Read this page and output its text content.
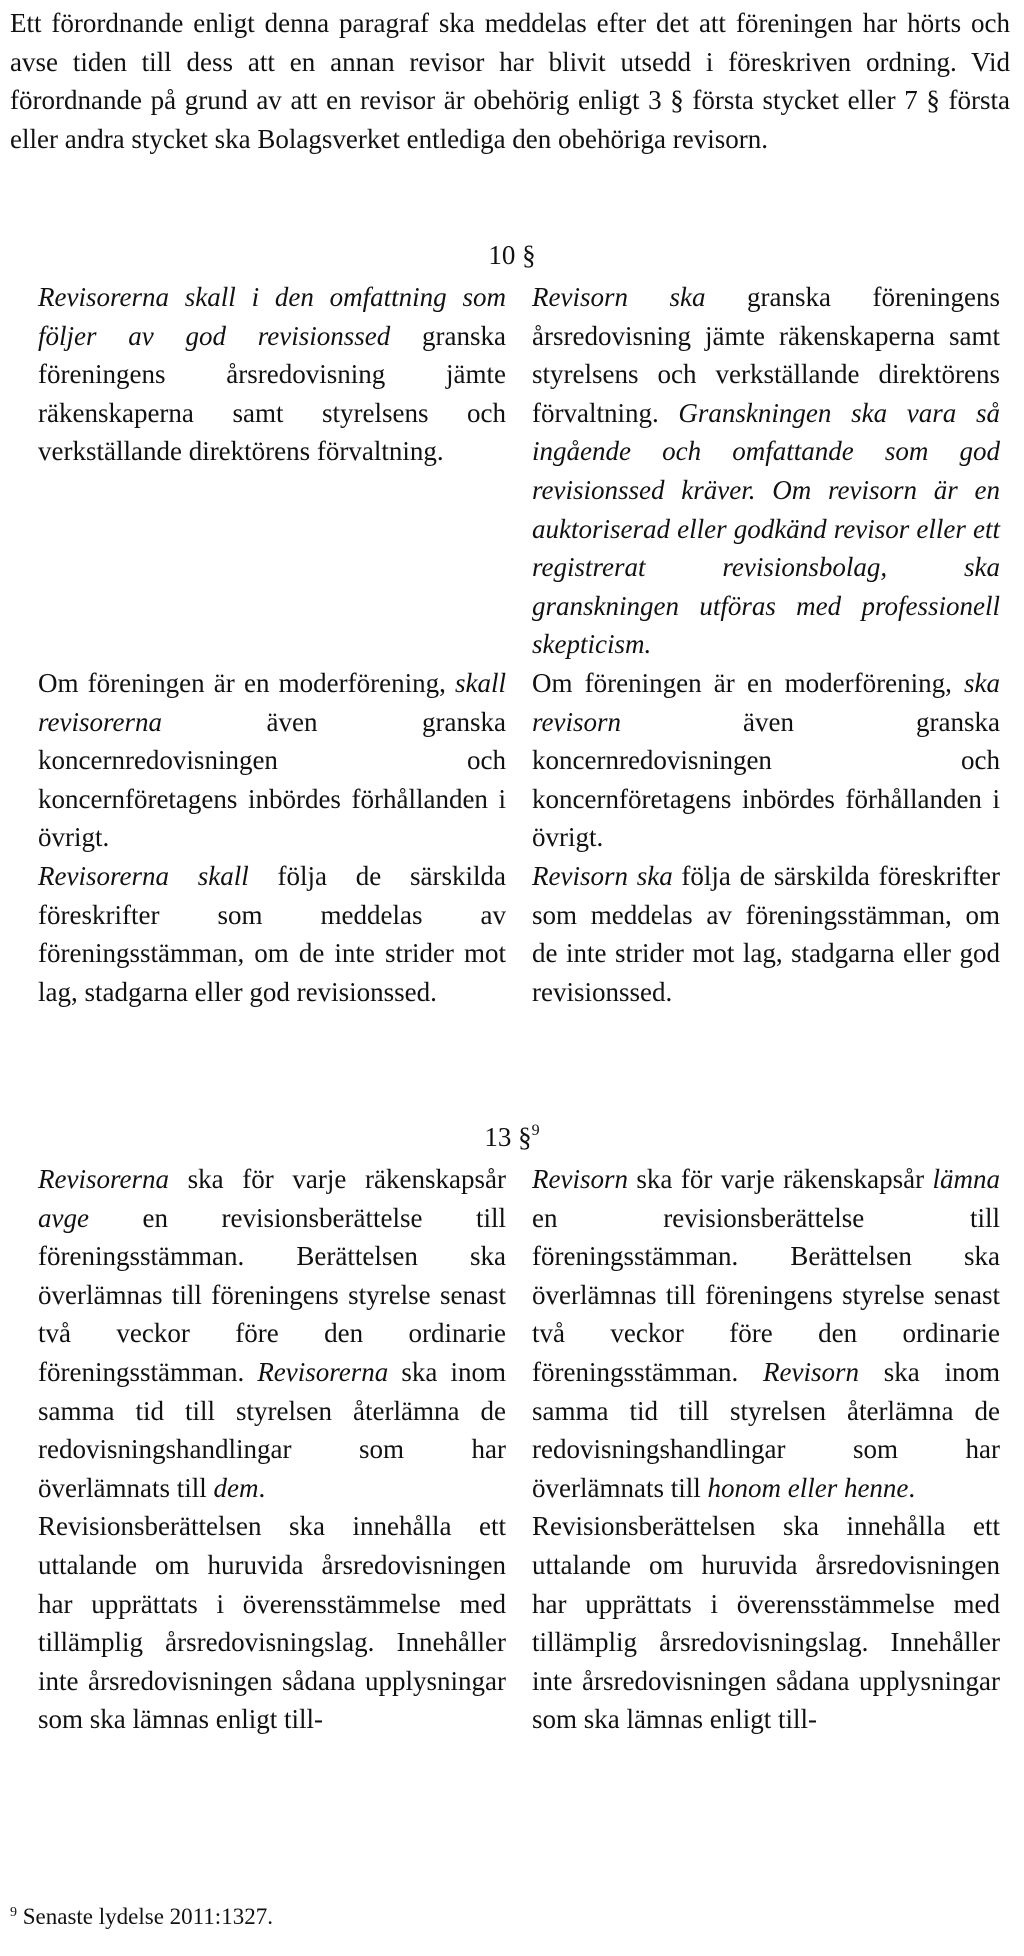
Ett förordnande enligt denna paragraf ska meddelas efter det att föreningen har hörts och avse tiden till dess att en annan revisor har blivit utsedd i föreskriven ordning. Vid förordnande på grund av att en revisor är obehörig enligt 3 § första stycket eller 7 § första eller andra stycket ska Bolagsverket entlediga den obehöriga revisorn.
10 §

Revisorerna skall i den omfattning som följer av god revisionssed granska föreningens årsredovisning jämte räkenskaperna samt styrelsens och verkställande direktörens förvaltning.

Om föreningen är en moderförening, skall revisorerna även granska koncernredovisningen och koncernföretagens inbördes förhållanden i övrigt.

Revisorerna skall följa de särskilda föreskrifter som meddelas av föreningsstämman, om de inte strider mot lag, stadgarna eller god revisionssed.

Revisorn ska granska föreningens årsredovisning jämte räkenskaperna samt styrelsens och verkställande direktörens förvaltning. Granskningen ska vara så ingående och omfattande som god revisionssed kräver. Om revisorn är en auktoriserad eller godkänd revisor eller ett registrerat revisionsbolag, ska granskningen utföras med professionell skepticism.

Om föreningen är en moderförening, ska revisorn även granska koncernredovisningen och koncernföretagens inbördes förhållanden i övrigt.

Revisorn ska följa de särskilda föreskrifter som meddelas av föreningsstämman, om de inte strider mot lag, stadgarna eller god revisionssed.

13 §$^9$

Revisorerna ska för varje räkenskapsår avge en revisionsberättelse till föreningsstämman. Berättelsen ska överlämnas till föreningens styrelse senast två veckor före den ordinarie föreningsstämman. Revisorerna ska inom samma tid till styrelsen återlämna de redovisningshandlingar som har överlämnats till dem.

Revisionsberättelsen ska innehålla ett uttalande om huruvida årsredovisningen har upprättats i överensstämmelse med tillämplig årsredovisningslag. Innehåller inte årsredovisningen sådana upplysningar som ska lämnas enligt till-

Revisorn ska för varje räkenskapsår lämna en revisionsberättelse till föreningsstämman. Berättelsen ska överlämnas till föreningens styrelse senast två veckor före den ordinarie föreningsstämman. Revisorn ska inom samma tid till styrelsen återlämna de redovisningshandlingar som har överlämnats till honom eller henne.

Revisionsberättelsen ska innehålla ett uttalande om huruvida årsredovisningen har upprättats i överensstämmelse med tillämplig årsredovisningslag. Innehåller inte årsredovisningen sådana upplysningar som ska lämnas enligt till-

$^9$ Senaste lydelse 2011:1327.
